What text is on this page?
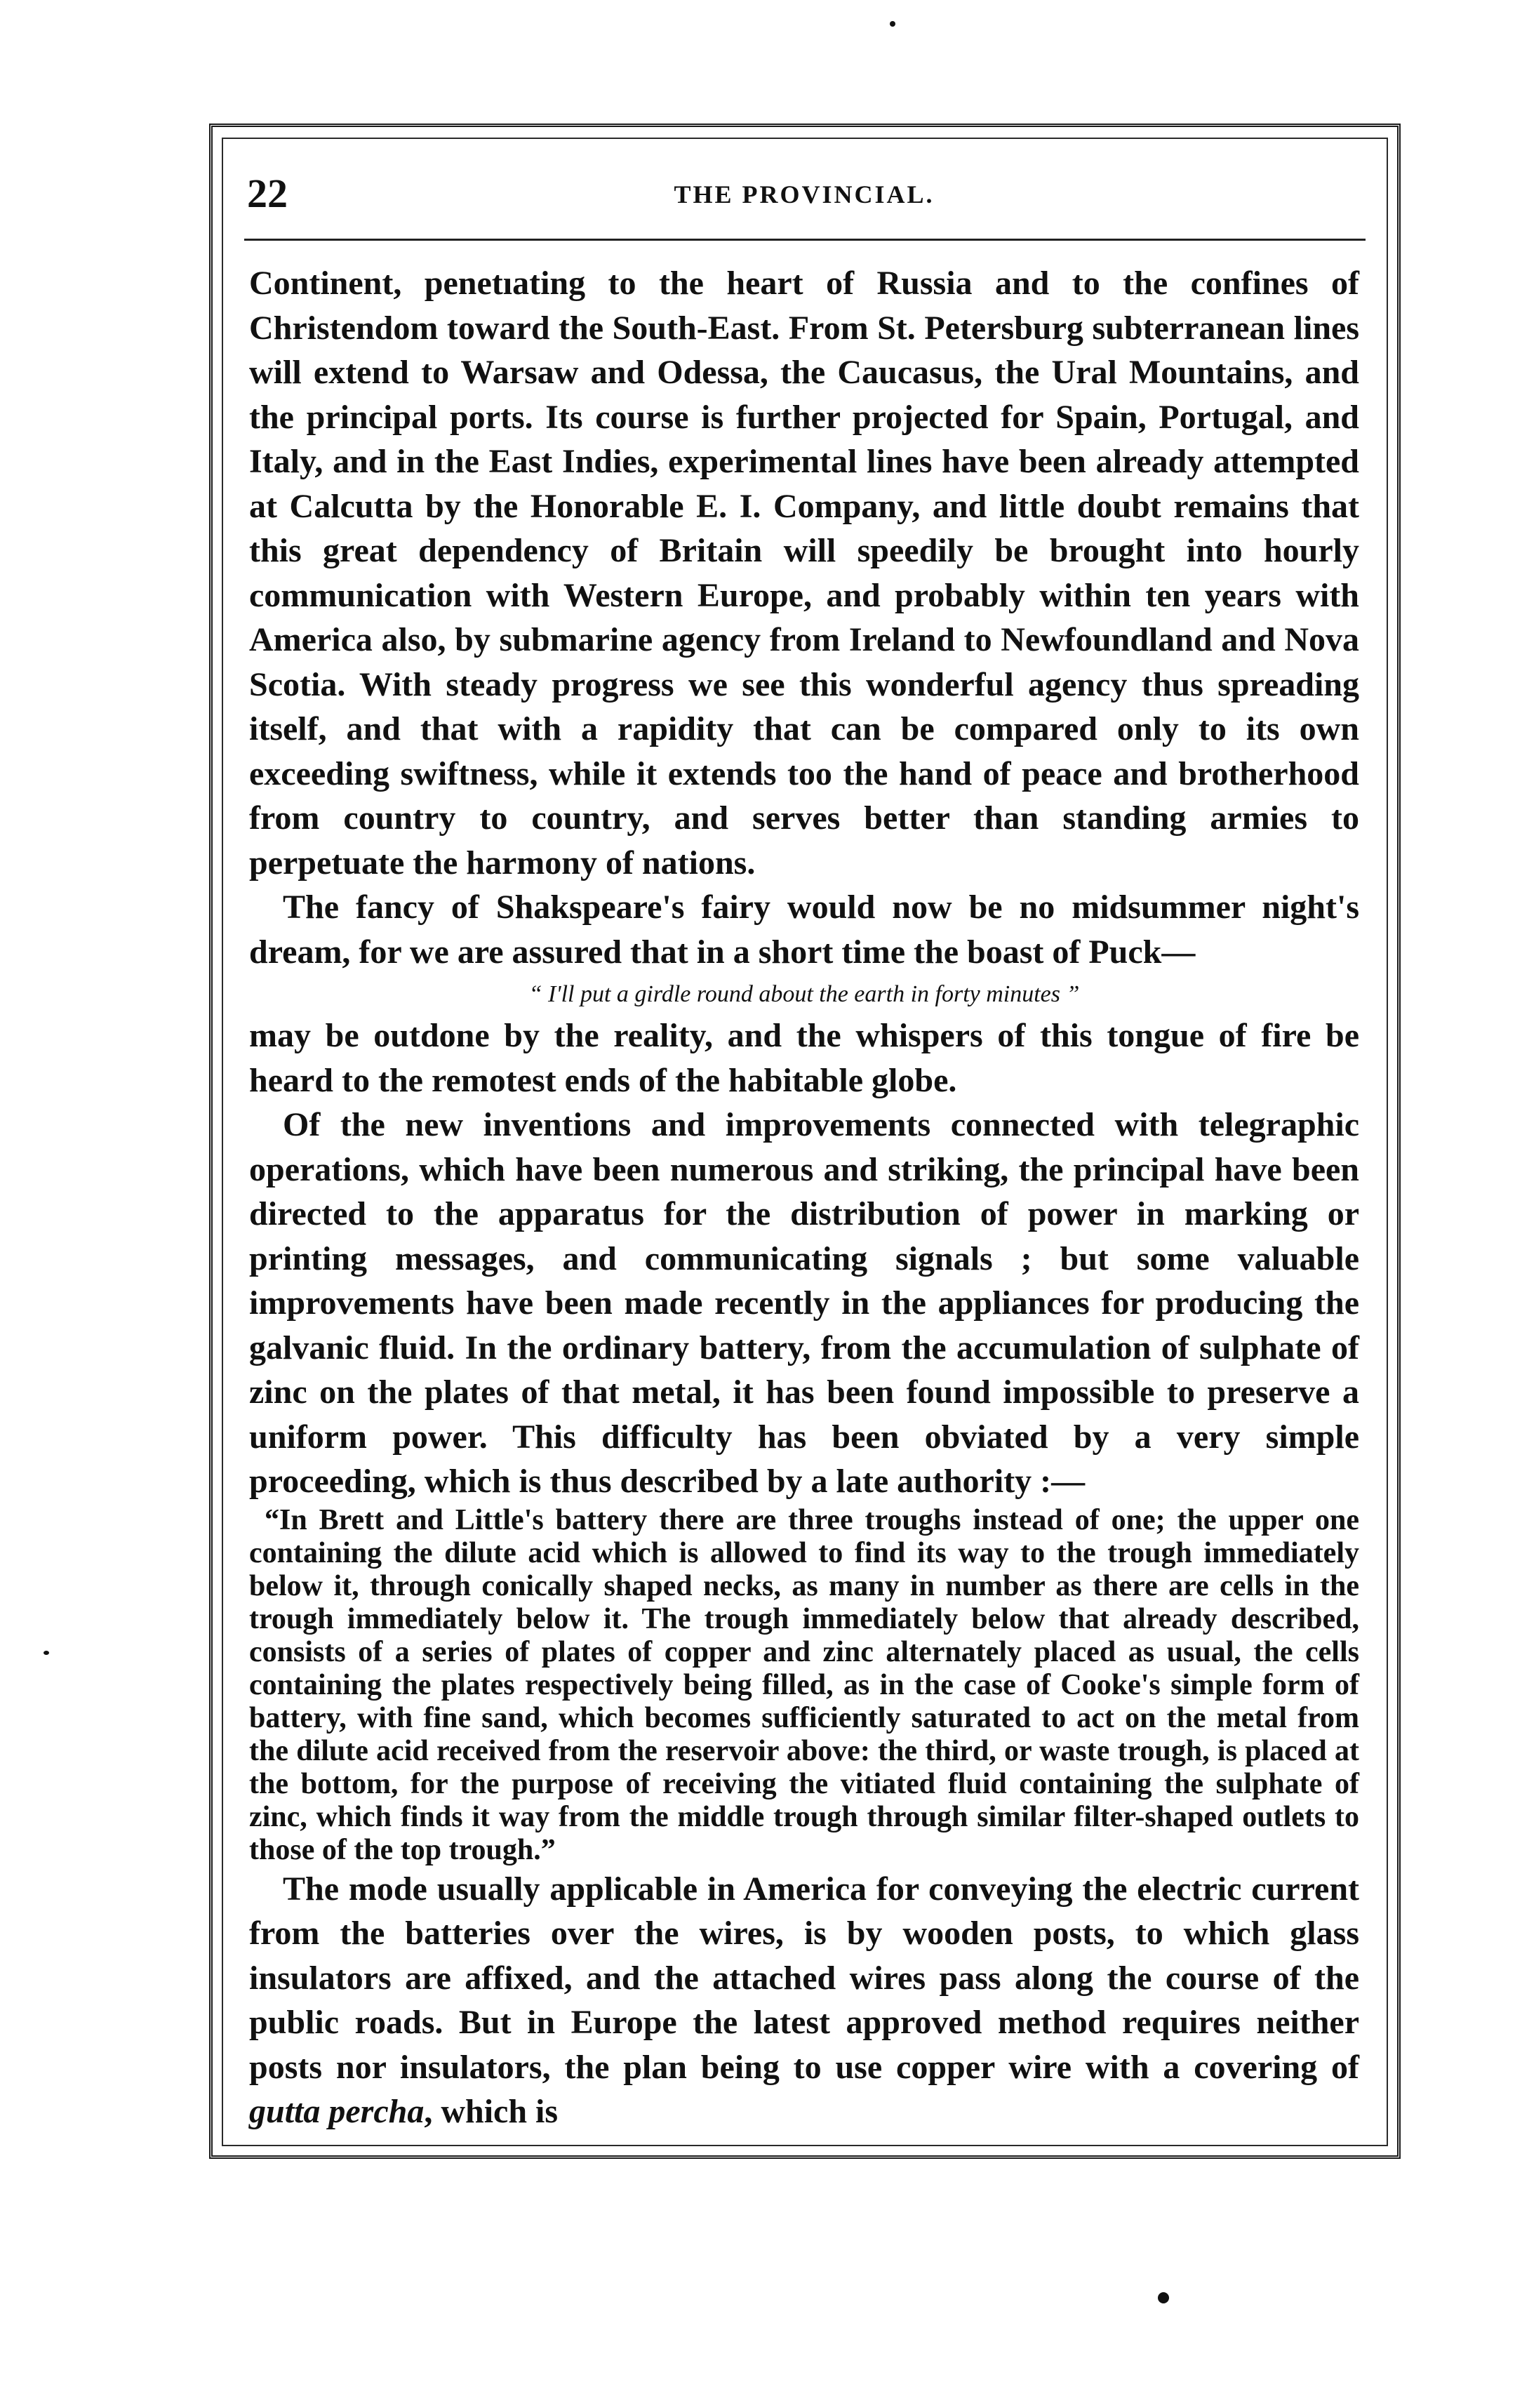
22	THE PROVINCIAL.

Continent, penetıating to the heart of Russia and to the confines of Christendom toward the South-East. From St. Petersburg subterranean lines will extend to Warsaw and Odessa, the Caucasus, the Ural Mountains, and the principal ports. Its course is further projected for Spain, Portugal, and Italy, and in the East Indies, experimental lines have been already attempted at Calcutta by the Honorable E. I. Company, and little doubt remains that this great dependency of Britain will speedily be brought into hourly communication with Western Europe, and probably within ten years with America also, by submarine agency from Ireland to Newfoundland and Nova Scotia. With steady progress we see this wonderful agency thus spreading itself, and that with a rapidity that can be compared only to its own exceeding swiftness, while it extends too the hand of peace and brotherhood from country to country, and serves better than standing armies to perpetuate the harmony of nations.

The fancy of Shakspeare's fairy would now be no midsummer night's dream, for we are assured that in a short time the boast of Puck—

“ I'll put a girdle round about the earth in forty minutes ”

may be outdone by the reality, and the whispers of this tongue of fire be heard to the remotest ends of the habitable globe.

Of the new inventions and improvements connected with telegraphic operations, which have been numerous and striking, the principal have been directed to the apparatus for the distribution of power in marking or printing messages, and communicating signals ; but some valuable improvements have been made recently in the appliances for producing the galvanic fluid. In the ordinary battery, from the accumulation of sulphate of zinc on the plates of that metal, it has been found impossible to preserve a uniform power. This difficulty has been obviated by a very simple proceeding, which is thus described by a late authority :—

“In Brett and Little's battery there are three troughs instead of one; the upper one containing the dilute acid which is allowed to find its way to the trough immediately below it, through conically shaped necks, as many in number as there are cells in the trough immediately below it. The trough immediately below that already described, consists of a series of plates of copper and zinc alternately placed as usual, the cells containing the plates respectively being filled, as in the case of Cooke's simple form of battery, with fine sand, which becomes sufficiently saturated to act on the metal from the dilute acid received from the reservoir above: the third, or waste trough, is placed at the bottom, for the purpose of receiving the vitiated fluid containing the sulphate of zinc, which finds it way from the middle trough through similar filter-shaped outlets to those of the top trough.”

The mode usually applicable in America for conveying the electric current from the batteries over the wires, is by wooden posts, to which glass insulators are affixed, and the attached wires pass along the course of the public roads. But in Europe the latest approved method requires neither posts nor insulators, the plan being to use copper wire with a covering of gutta percha, which is
